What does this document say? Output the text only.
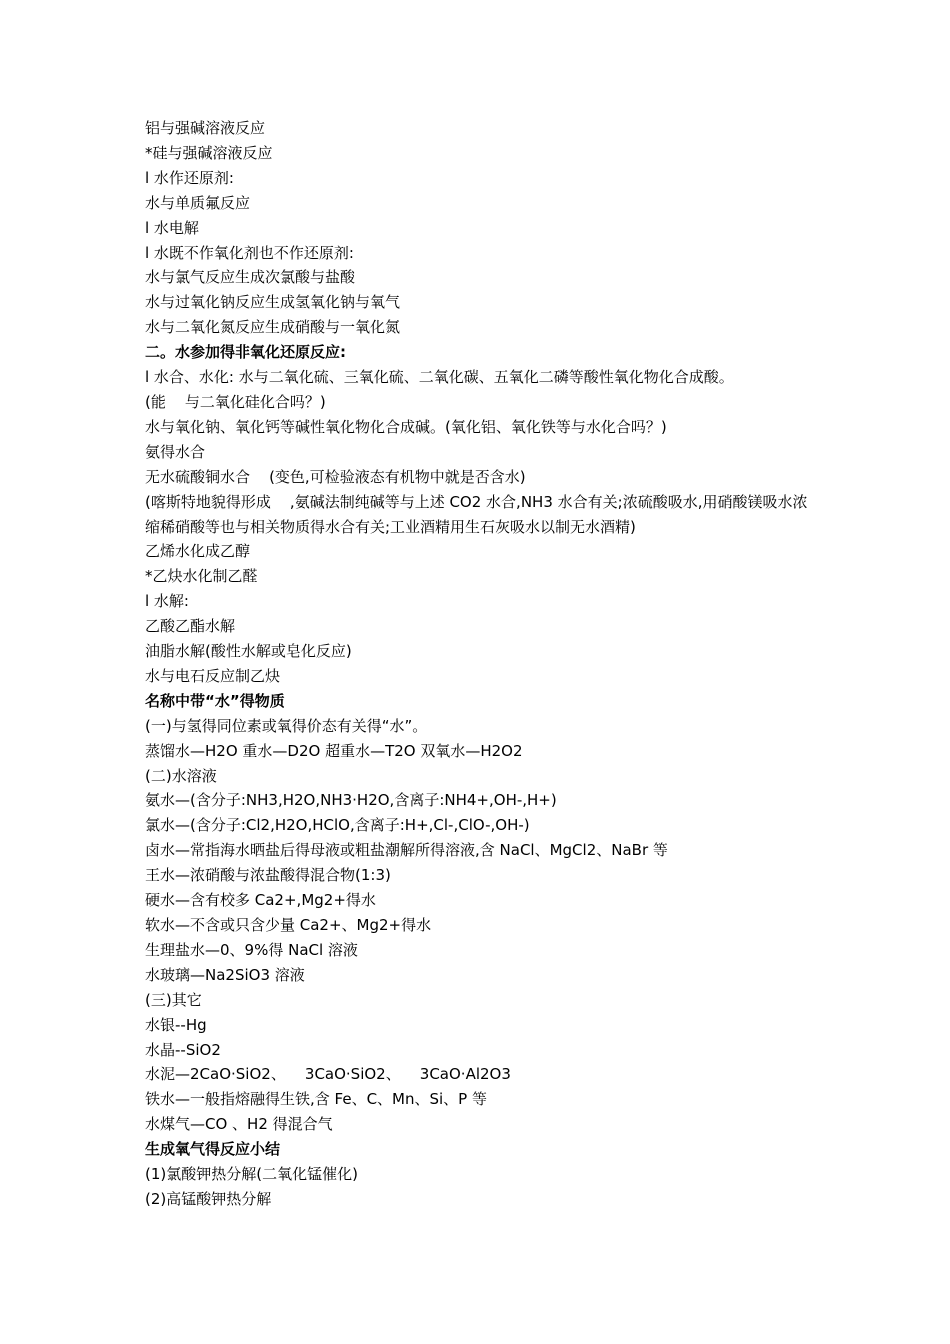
铝与强碱溶液反应
*硅与强碱溶液反应
l 水作还原剂:
水与单质氟反应
l 水电解
l 水既不作氧化剂也不作还原剂:
水与氯气反应生成次氯酸与盐酸
水与过氧化钠反应生成氢氧化钠与氧气
水与二氧化氮反应生成硝酸与一氧化氮
二。水参加得非氧化还原反应:
l 水合、水化: 水与二氧化硫、三氧化硫、二氧化碳、五氧化二磷等酸性氧化物化合成酸。
(能    与二氧化硅化合吗？)
水与氧化钠、氧化钙等碱性氧化物化合成碱。(氧化铝、氧化铁等与水化合吗？)
氨得水合
无水硫酸铜水合    (变色,可检验液态有机物中就是否含水)
(喀斯特地貌得形成    ,氨碱法制纯碱等与上述 CO2 水合,NH3 水合有关;浓硫酸吸水,用硝酸镁吸水浓缩稀硝酸等也与相关物质得水合有关;工业酒精用生石灰吸水以制无水酒精)
乙烯水化成乙醇
*乙炔水化制乙醛
l 水解:
乙酸乙酯水解
油脂水解(酸性水解或皂化反应)
水与电石反应制乙炔
名称中带“水”得物质
(一)与氢得同位素或氧得价态有关得“水”。
蒸馏水—H2O 重水—D2O 超重水—T2O 双氧水—H2O2
(二)水溶液
氨水—(含分子:NH3,H2O,NH3·H2O,含离子:NH4+,OH-,H+)
氯水—(含分子:Cl2,H2O,HClO,含离子:H+,Cl-,ClO-,OH-)
卤水—常指海水晒盐后得母液或粗盐潮解所得溶液,含 NaCl、MgCl2、NaBr 等
王水—浓硝酸与浓盐酸得混合物(1:3)
硬水—含有校多 Ca2+,Mg2+得水
软水—不含或只含少量 Ca2+、Mg2+得水
生理盐水—0、9%得 NaCl 溶液
水玻璃—Na2SiO3 溶液
(三)其它
水银--Hg
水晶--SiO2
水泥—2CaO·SiO2、    3CaO·SiO2、    3CaO·Al2O3
铁水—一般指熔融得生铁,含 Fe、C、Mn、Si、P 等
水煤气—CO 、H2 得混合气
生成氧气得反应小结
(1)氯酸钾热分解(二氧化锰催化)
(2)高锰酸钾热分解
